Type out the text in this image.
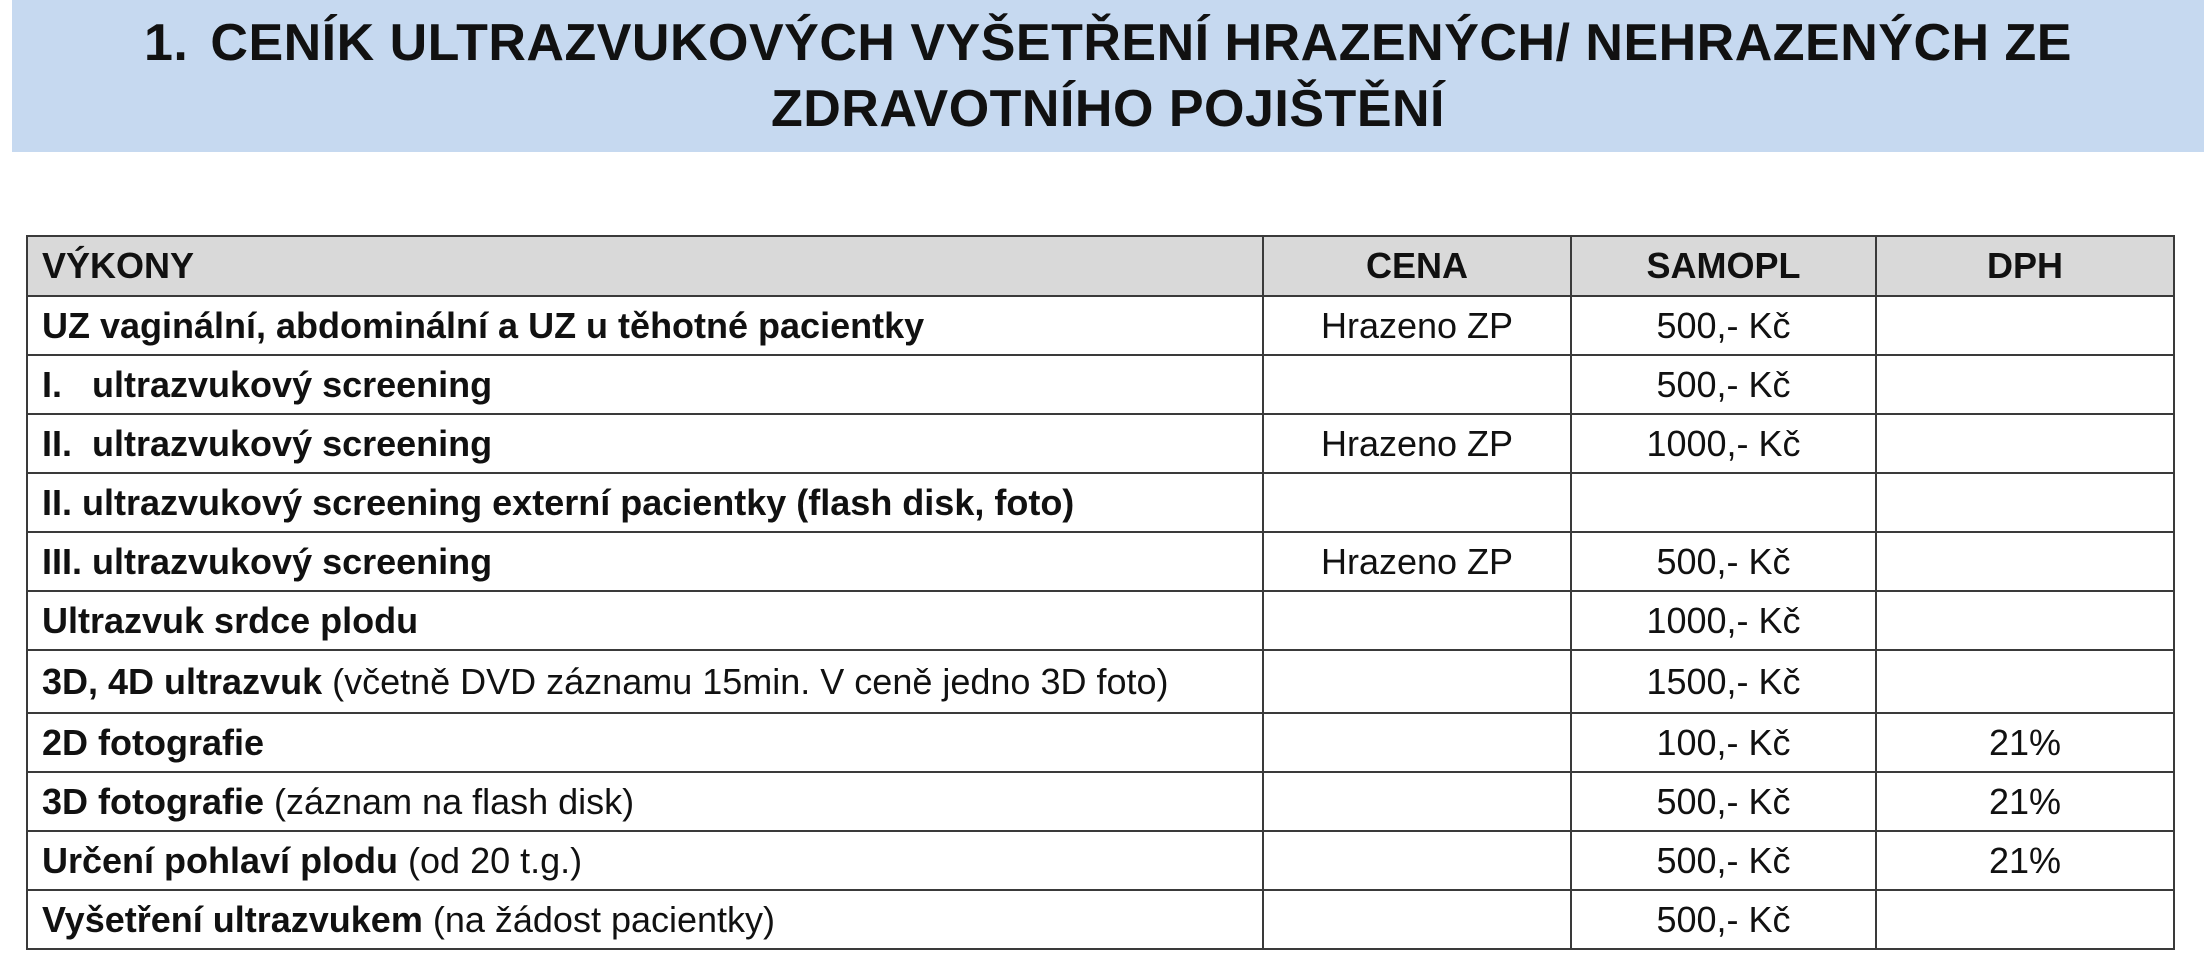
1. CENÍK ULTRAZVUKOVÝCH VYŠETŘENÍ HRAZENÝCH/ NEHRAZENÝCH ZE
ZDRAVOTNÍHO POJIŠTĚNÍ
VÝKONY	CENA	SAMOPL	DPH
UZ vaginální, abdominální a UZ u těhotné pacientky	Hrazeno ZP	500,- Kč	
I.   ultrazvukový screening		500,- Kč	
II.  ultrazvukový screening	Hrazeno ZP	1000,- Kč	
II. ultrazvukový screening externí pacientky (flash disk, foto)			
III. ultrazvukový screening	Hrazeno ZP	500,- Kč	
Ultrazvuk srdce plodu		1000,- Kč	
3D, 4D ultrazvuk (včetně DVD záznamu 15min. V ceně jedno 3D foto)		1500,- Kč	
2D fotografie		100,- Kč	21%
3D fotografie (záznam na flash disk)		500,- Kč	21%
Určení pohlaví plodu (od 20 t.g.)		500,- Kč	21%
Vyšetření ultrazvukem (na žádost pacientky)		500,- Kč	
